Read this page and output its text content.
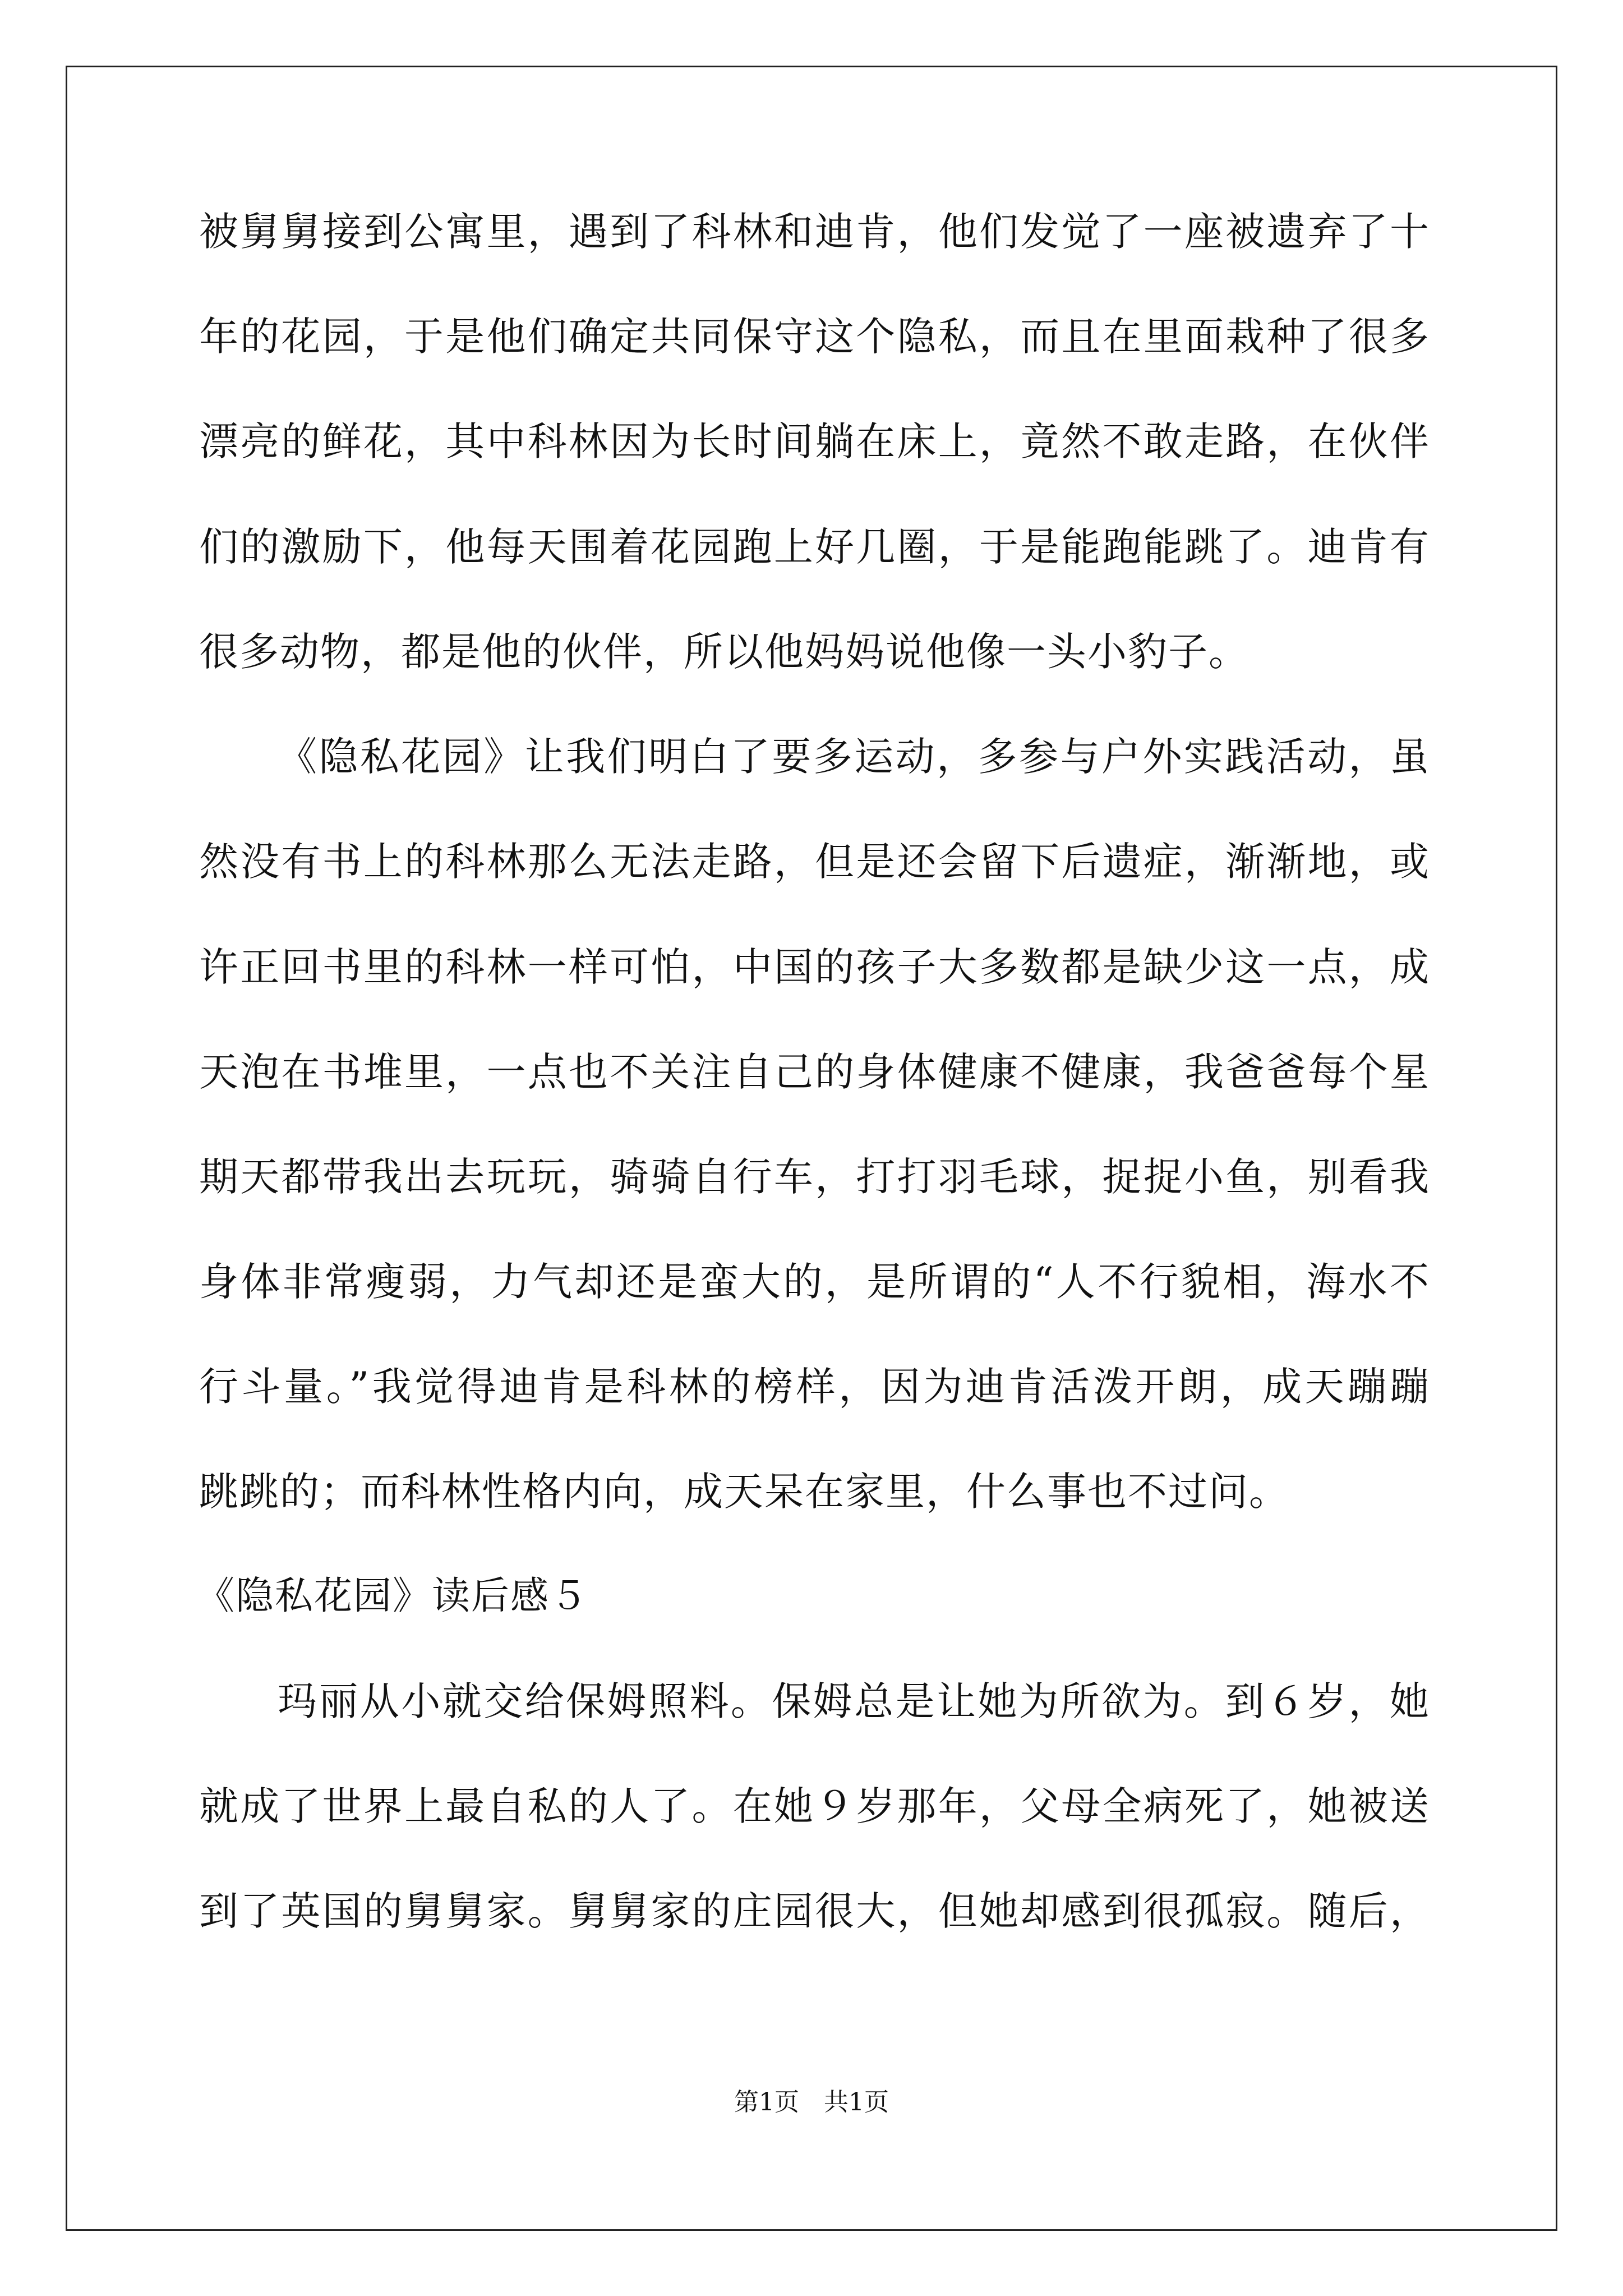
被舅舅接到公寓里，遇到了科林和迪肯，他们发觉了一座被遗弃了十
年的花园，于是他们确定共同保守这个隐私，而且在里面栽种了很多
漂亮的鲜花，其中科林因为长时间躺在床上，竟然不敢走路，在伙伴
们的激励下，他每天围着花园跑上好几圈，于是能跑能跳了。迪肯有
很多动物，都是他的伙伴，所以他妈妈说他像一头小豹子。
《隐私花园》让我们明白了要多运动，多参与户外实践活动，虽
然没有书上的科林那么无法走路，但是还会留下后遗症，渐渐地，或
许正回书里的科林一样可怕，中国的孩子大多数都是缺少这一点，成
天泡在书堆里，一点也不关注自己的身体健康不健康，我爸爸每个星
期天都带我出去玩玩，骑骑自行车，打打羽毛球，捉捉小鱼，别看我
身体非常瘦弱，力气却还是蛮大的，是所谓的“人不行貌相，海水不
行斗量。”我觉得迪肯是科林的榜样，因为迪肯活泼开朗，成天蹦蹦
跳跳的；而科林性格内向，成天呆在家里，什么事也不过问。
玛丽从小就交给保姆照料。保姆总是让她为所欲为。到６岁，她
就成了世界上最自私的人了。在她９岁那年，父母全病死了，她被送
到了英国的舅舅家。舅舅家的庄园很大，但她却感到很孤寂。随后，
《隐私花园》读后感５
第1页　共1页
